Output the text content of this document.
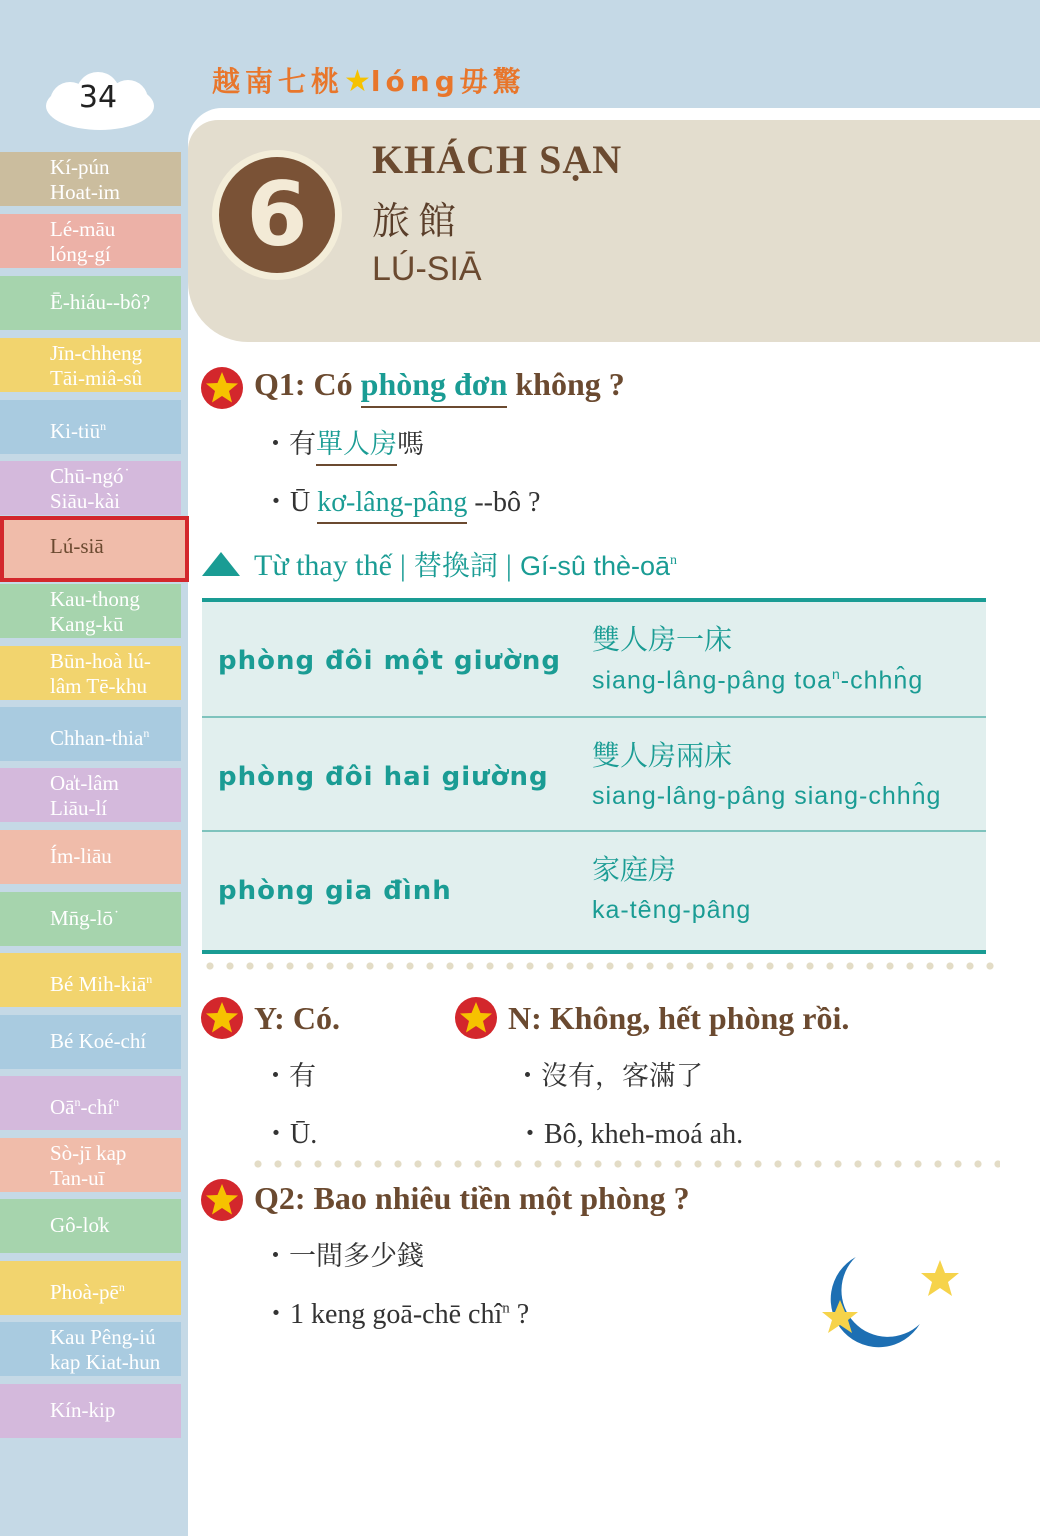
34	越南七桃★lóng毋驚
6
KHÁCH SẠN
旅館
LÚ-SIĀ
Kí-pún
Hoat-im
Lé-māu
lóng-gí
Ē-hiáu--bô?
Jīn-chheng
Tāi-miâ-sû
Ki-tiū$^n$
Chū-ngó͘
Siāu-kài
Lú-siā
Kau-thong
Kang-kū
Būn-hoà lú-
lâm Tē-khu
Chhan-thia$^n$
Oa̍t-lâm
Liāu-lí
Ím-liāu
Mn̄g-lō͘
Bé Mih-kiā$^n$
Bé Koé-chí
$Oā^n-chí^n$
Sò-jī kap
Tan-uī
Gô-lo̍k
Phoà-$pē^n$
Kau Pêng-iú
kap Kiat-hun
Kín-kip
Q1: Có phòng đơn không ?
・有單人房嗎
・Ū kơ-lâng-pâng --bô ?
Từ thay thế | 替換詞 | Gí-sû thè-$oā^n$
phòng đôi một giường
雙人房一床
siang-lâng-pâng toa$^n$-chhn̂g
phòng đôi hai giường
雙人房兩床
siang-lâng-pâng siang-chhn̂g
phòng gia đình
家庭房
ka-têng-pâng
Y: Có.
・有
・Ū.
N: Không, hết phòng rồi.
・沒有，客滿了
・Bô, kheh-moá ah.
Q2: Bao nhiêu tiền một phòng ?
・一間多少錢
・1 keng goā-chē chî$^n$ ?
